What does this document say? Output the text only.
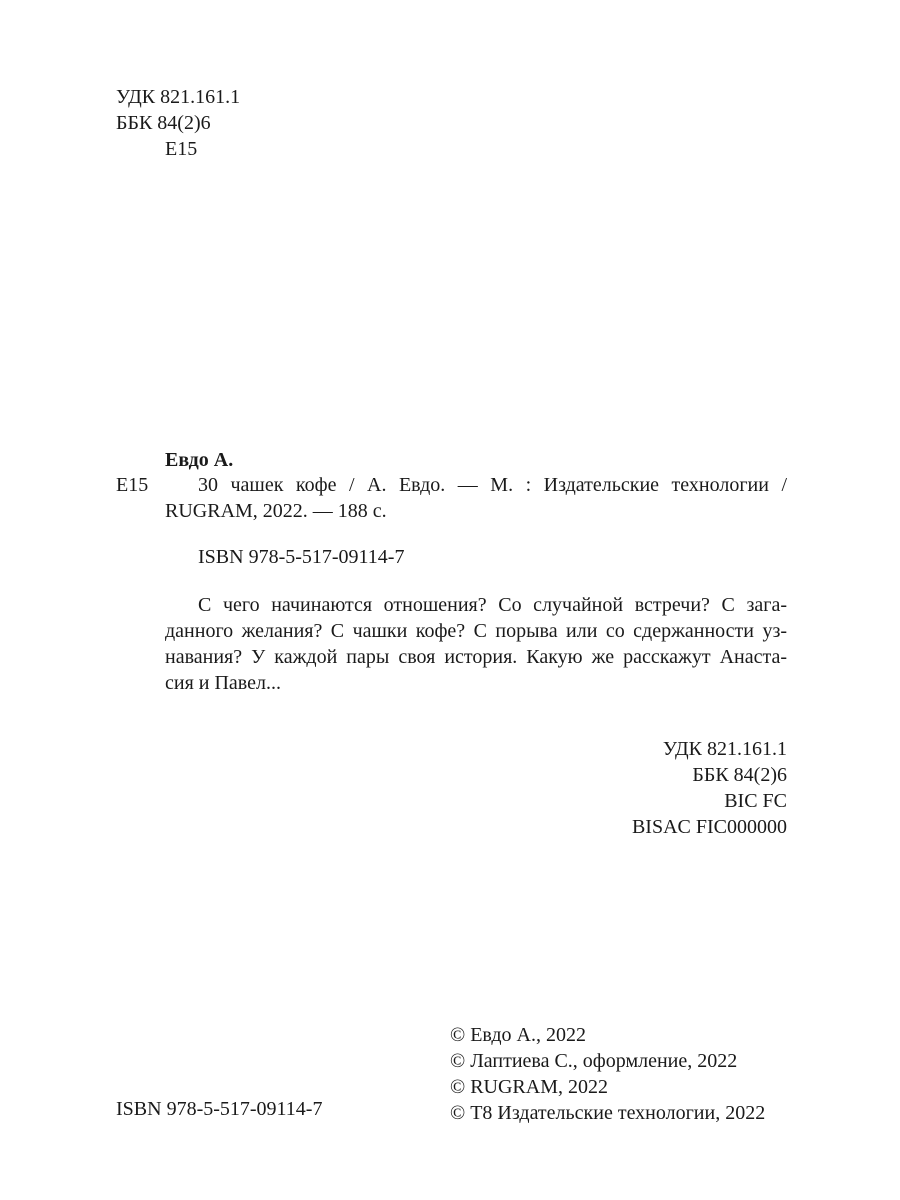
УДК 821.161.1
ББК 84(2)6
Е15
Евдо А.
Е15	30 чашек кофе / А. Евдо. — М. : Издательские технологии /
RUGRAM, 2022. — 188 с.
ISBN 978-5-517-09114-7
С чего начинаются отношения? Со случайной встречи? С зага-
данного желания? С чашки кофе? С порыва или со сдержанности уз-
навания? У каждой пары своя история. Какую же расскажут Анаста-
сия и Павел...
УДК 821.161.1
ББК 84(2)6
BIC FC
BISAC FIC000000
© Евдо А., 2022
© Лаптиева С., оформление, 2022
© RUGRAM, 2022
© Т8 Издательские технологии, 2022
ISBN 978-5-517-09114-7
